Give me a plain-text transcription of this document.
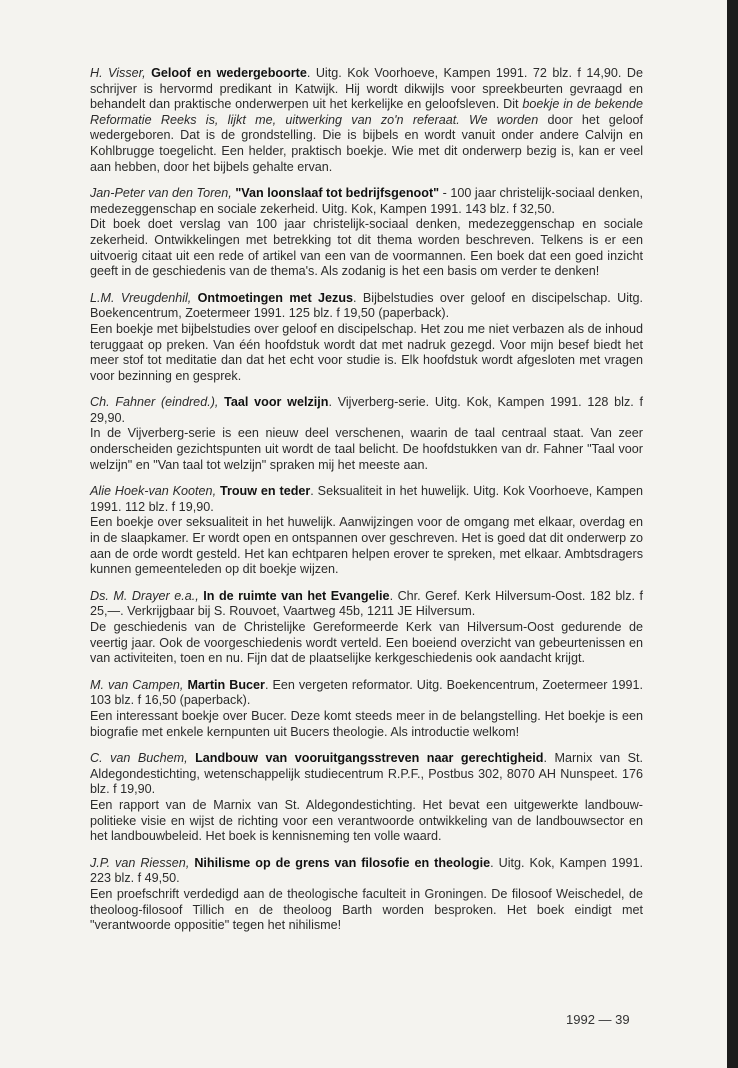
H. Visser, Geloof en wedergeboorte. Uitg. Kok Voorhoeve, Kampen 1991. 72 blz. f 14,90. De schrijver is hervormd predikant in Katwijk. Hij wordt dikwijls voor spreekbeurten gevraagd en behandelt dan praktische onderwerpen uit het kerkelijke en geloofsleven. Dit boekje in de bekende Reformatie Reeks is, lijkt me, uitwerking van zo'n referaat. We worden door het geloof wedergeboren. Dat is de grondstelling. Die is bijbels en wordt vanuit onder andere Calvijn en Kohlbrugge toegelicht. Een helder, praktisch boekje. Wie met dit onderwerp bezig is, kan er veel aan hebben, door het bijbels gehalte ervan.

Jan-Peter van den Toren, "Van loonslaaf tot bedrijfsgenoot" - 100 jaar christelijk-sociaal denken, medezeggenschap en sociale zekerheid. Uitg. Kok, Kampen 1991. 143 blz. f 32,50.

Dit boek doet verslag van 100 jaar christelijk-sociaal denken, medezeggenschap en sociale zekerheid. Ontwikkelingen met betrekking tot dit thema worden beschreven. Telkens is er een uitvoerig citaat uit een rede of artikel van een van de voormannen. Een boek dat een goed inzicht geeft in de geschiedenis van de thema's. Als zodanig is het een basis om verder te denken!

L.M. Vreugdenhil, Ontmoetingen met Jezus. Bijbelstudies over geloof en discipelschap. Uitg. Boekencentrum, Zoetermeer 1991. 125 blz. f 19,50 (paperback).

Een boekje met bijbelstudies over geloof en discipelschap. Het zou me niet verbazen als de inhoud teruggaat op preken. Van één hoofdstuk wordt dat met nadruk gezegd. Voor mijn besef biedt het meer stof tot meditatie dan dat het echt voor studie is. Elk hoofdstuk wordt afgesloten met vragen voor bezinning en gesprek.

Ch. Fahner (eindred.), Taal voor welzijn. Vijverberg-serie. Uitg. Kok, Kampen 1991. 128 blz. f 29,90.

In de Vijverberg-serie is een nieuw deel verschenen, waarin de taal centraal staat. Van zeer onderscheiden gezichtspunten uit wordt de taal belicht. De hoofdstukken van dr. Fahner "Taal voor welzijn" en "Van taal tot welzijn" spraken mij het meeste aan.

Alie Hoek-van Kooten, Trouw en teder. Seksualiteit in het huwelijk. Uitg. Kok Voorhoeve, Kampen 1991. 112 blz. f 19,90.

Een boekje over seksualiteit in het huwelijk. Aanwijzingen voor de omgang met elkaar, overdag en in de slaapkamer. Er wordt open en ontspannen over geschreven. Het is goed dat dit onderwerp zo aan de orde wordt gesteld. Het kan echtparen helpen erover te spreken, met elkaar. Ambtsdragers kunnen gemeenteleden op dit boekje wijzen.

Ds. M. Drayer e.a., In de ruimte van het Evangelie. Chr. Geref. Kerk Hilversum-Oost. 182 blz. f 25,—. Verkrijgbaar bij S. Rouvoet, Vaartweg 45b, 1211 JE Hilversum.

De geschiedenis van de Christelijke Gereformeerde Kerk van Hilversum-Oost gedurende de veertig jaar. Ook de voorgeschiedenis wordt verteld. Een boeiend overzicht van gebeurtenissen en van activiteiten, toen en nu. Fijn dat de plaatselijke kerkgeschiedenis ook aandacht krijgt.

M. van Campen, Martin Bucer. Een vergeten reformator. Uitg. Boekencentrum, Zoetermeer 1991. 103 blz. f 16,50 (paperback).

Een interessant boekje over Bucer. Deze komt steeds meer in de belangstelling. Het boekje is een biografie met enkele kernpunten uit Bucers theologie. Als introductie welkom!

C. van Buchem, Landbouw van vooruitgangsstreven naar gerechtigheid. Marnix van St. Aldegondestichting, wetenschappelijk studiecentrum R.P.F., Postbus 302, 8070 AH Nunspeet. 176 blz. f 19,90.

Een rapport van de Marnix van St. Aldegondestichting. Het bevat een uitgewerkte landbouw-politieke visie en wijst de richting voor een verantwoorde ontwikkeling van de landbouwsector en het landbouwbeleid. Het boek is kennisneming ten volle waard.

J.P. van Riessen, Nihilisme op de grens van filosofie en theologie. Uitg. Kok, Kampen 1991. 223 blz. f 49,50.

Een proefschrift verdedigd aan de theologische faculteit in Groningen. De filosoof Weischedel, de theoloog-filosoof Tillich en de theoloog Barth worden besproken. Het boek eindigt met "verantwoorde oppositie" tegen het nihilisme!

1992 — 39
